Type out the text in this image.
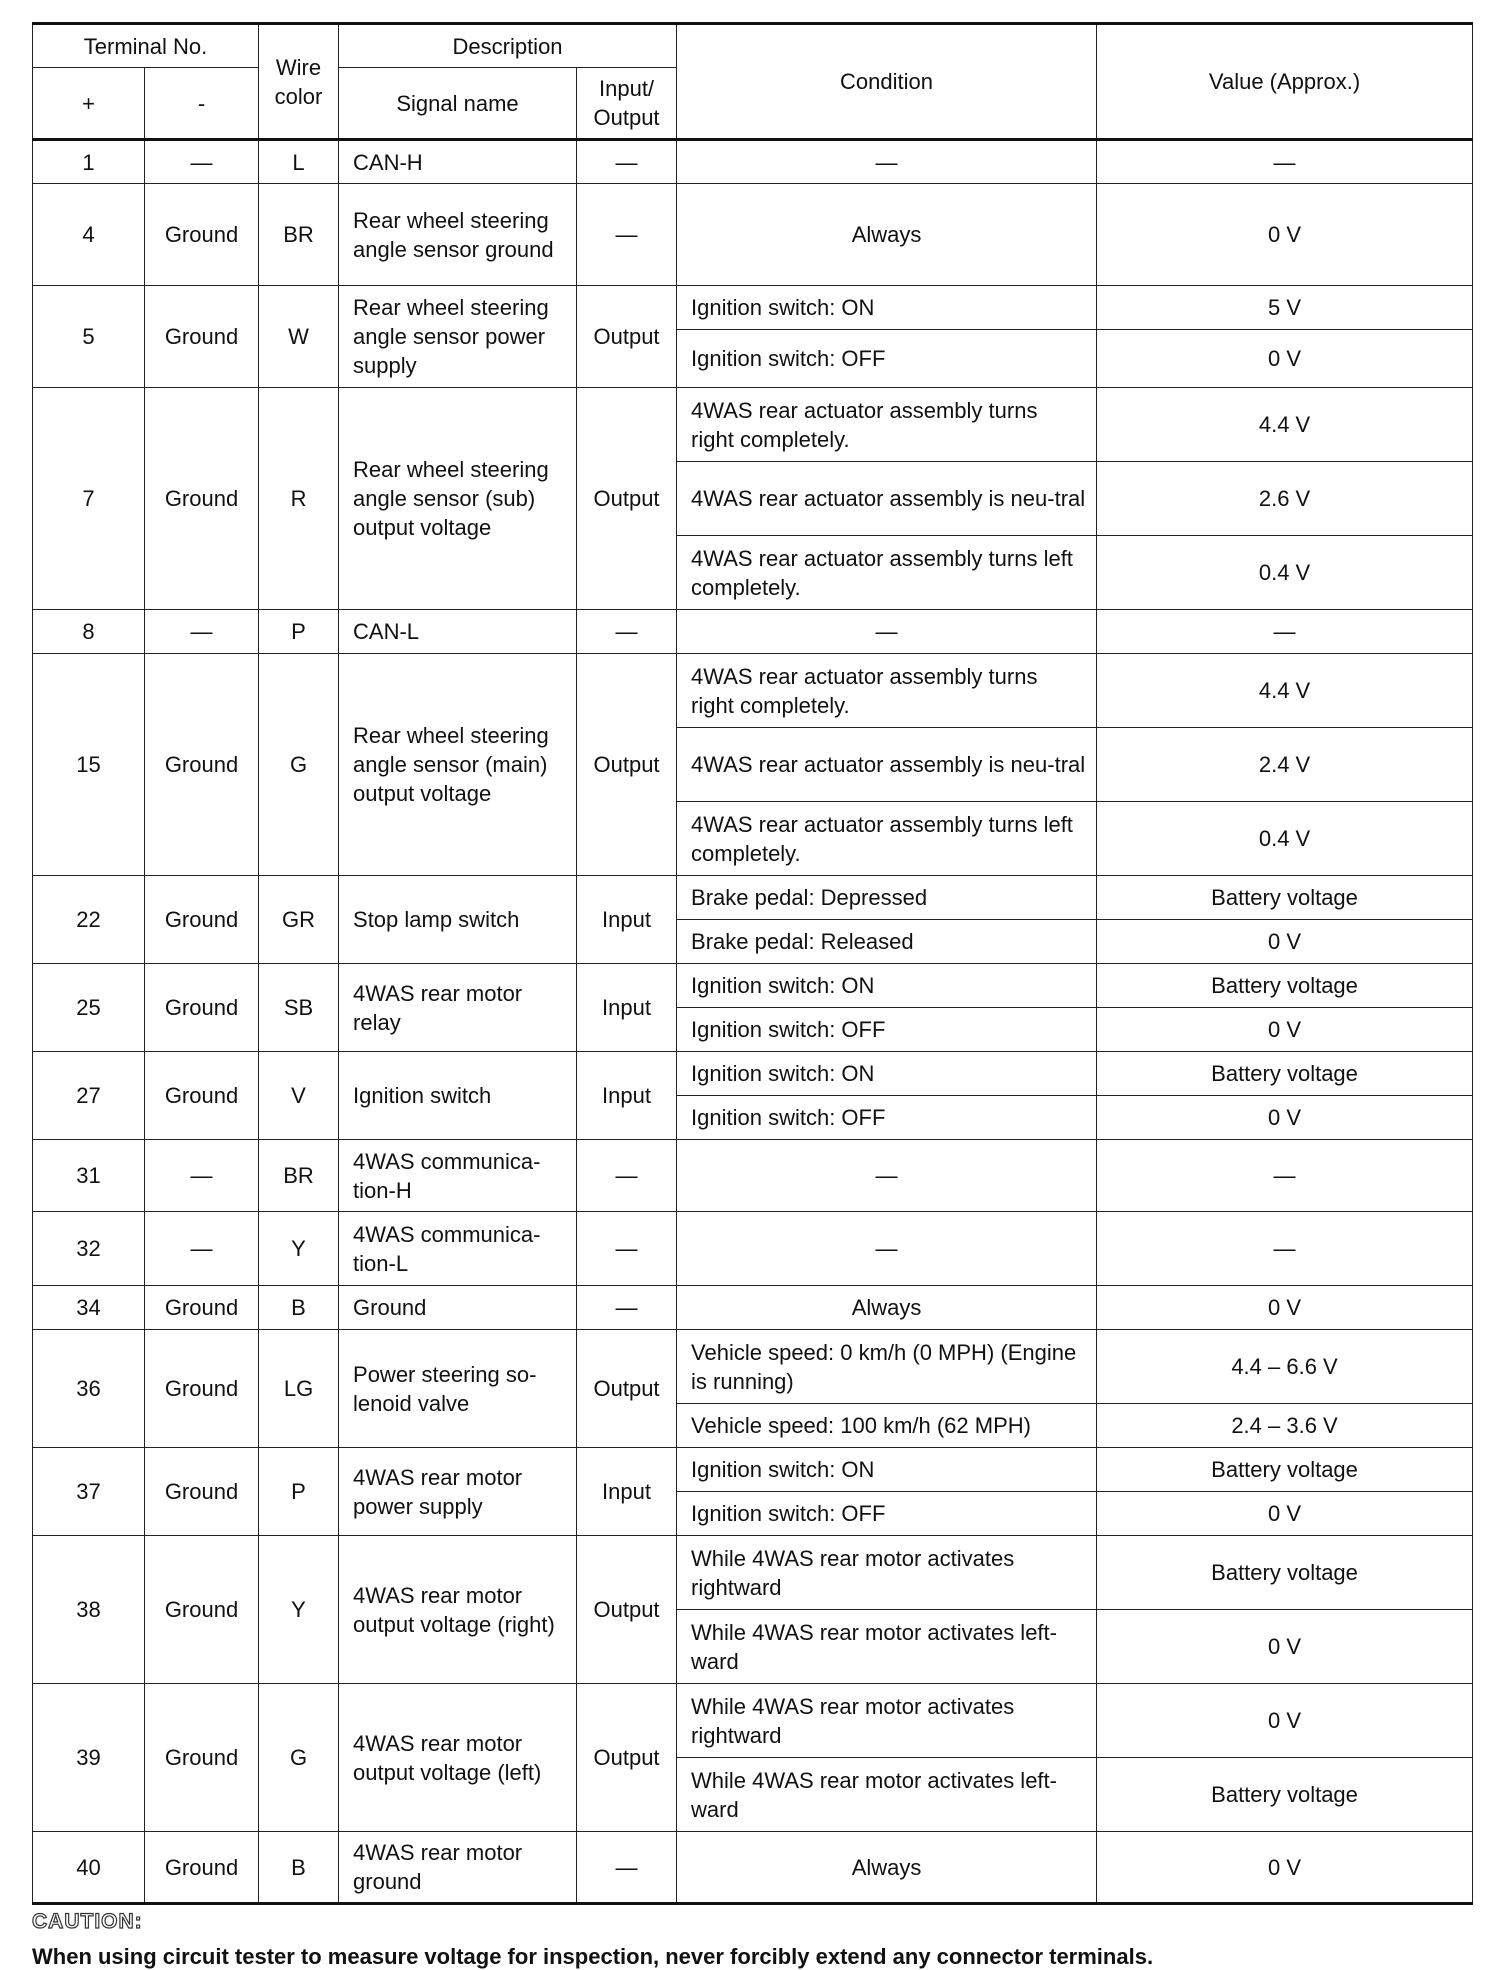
Terminal No.		Wire color	Description		Condition	Value (Approx.)
+	-		Signal name	Input/ Output		
1	—	L	CAN-H	—	—	—
4	Ground	BR	Rear wheel steering angle sensor ground	—	Always	0 V
5	Ground	W	Rear wheel steering angle sensor power supply	Output	Ignition switch: ON	5 V
					Ignition switch: OFF	0 V
7	Ground	R	Rear wheel steering angle sensor (sub) output voltage	Output	4WAS rear actuator assembly turns right completely.	4.4 V
					4WAS rear actuator assembly is neu-tral	2.6 V
					4WAS rear actuator assembly turns left completely.	0.4 V
8	—	P	CAN-L	—	—	—
15	Ground	G	Rear wheel steering angle sensor (main) output voltage	Output	4WAS rear actuator assembly turns right completely.	4.4 V
					4WAS rear actuator assembly is neu-tral	2.4 V
					4WAS rear actuator assembly turns left completely.	0.4 V
22	Ground	GR	Stop lamp switch	Input	Brake pedal: Depressed	Battery voltage
					Brake pedal: Released	0 V
25	Ground	SB	4WAS rear motor relay	Input	Ignition switch: ON	Battery voltage
					Ignition switch: OFF	0 V
27	Ground	V	Ignition switch	Input	Ignition switch: ON	Battery voltage
					Ignition switch: OFF	0 V
31	—	BR	4WAS communica-tion-H	—	—	—
32	—	Y	4WAS communica-tion-L	—	—	—
34	Ground	B	Ground	—	Always	0 V
36	Ground	LG	Power steering so-lenoid valve	Output	Vehicle speed: 0 km/h (0 MPH) (Engine is running)	4.4 – 6.6 V
					Vehicle speed: 100 km/h (62 MPH)	2.4 – 3.6 V
37	Ground	P	4WAS rear motor power supply	Input	Ignition switch: ON	Battery voltage
					Ignition switch: OFF	0 V
38	Ground	Y	4WAS rear motor output voltage (right)	Output	While 4WAS rear motor activates rightward	Battery voltage
					While 4WAS rear motor activates left-ward	0 V
39	Ground	G	4WAS rear motor output voltage (left)	Output	While 4WAS rear motor activates rightward	0 V
					While 4WAS rear motor activates left-ward	Battery voltage
40	Ground	B	4WAS rear motor ground	—	Always	0 V
CAUTION:
When using circuit tester to measure voltage for inspection, never forcibly extend any connector terminals.
